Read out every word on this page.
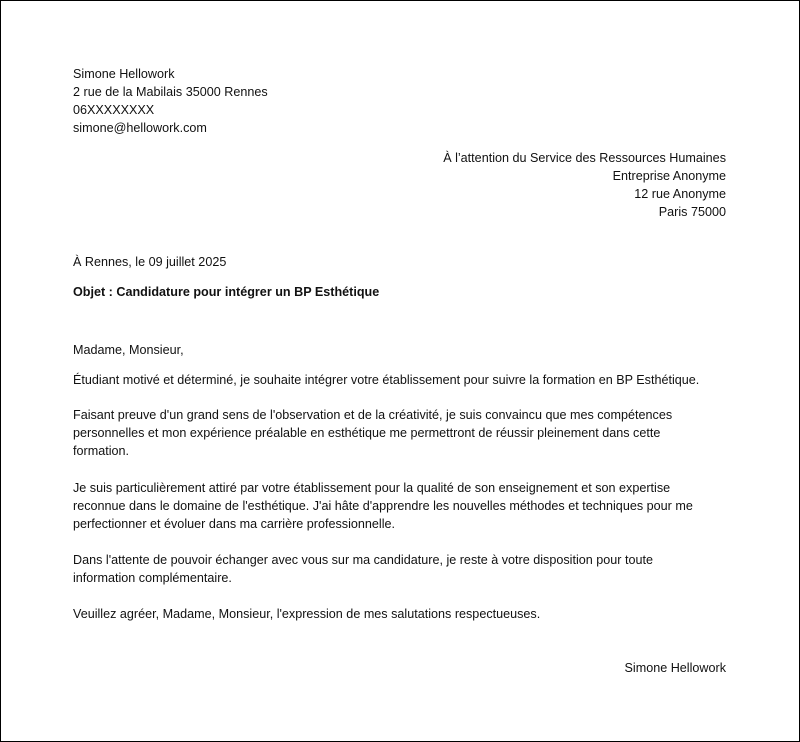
Simone Hellowork
2 rue de la Mabilais 35000 Rennes
06XXXXXXXX
simone@hellowork.com
À l’attention du Service des Ressources Humaines
Entreprise Anonyme
12 rue Anonyme
Paris 75000
À Rennes, le 09 juillet 2025
Objet : Candidature pour intégrer un BP Esthétique
Madame, Monsieur,
Étudiant motivé et déterminé, je souhaite intégrer votre établissement pour suivre la formation en BP Esthétique.
Faisant preuve d'un grand sens de l'observation et de la créativité, je suis convaincu que mes compétences
personnelles et mon expérience préalable en esthétique me permettront de réussir pleinement dans cette
formation.
Je suis particulièrement attiré par votre établissement pour la qualité de son enseignement et son expertise
reconnue dans le domaine de l'esthétique. J'ai hâte d'apprendre les nouvelles méthodes et techniques pour me
perfectionner et évoluer dans ma carrière professionnelle.
Dans l'attente de pouvoir échanger avec vous sur ma candidature, je reste à votre disposition pour toute
information complémentaire.
Veuillez agréer, Madame, Monsieur, l'expression de mes salutations respectueuses.
Simone Hellowork
